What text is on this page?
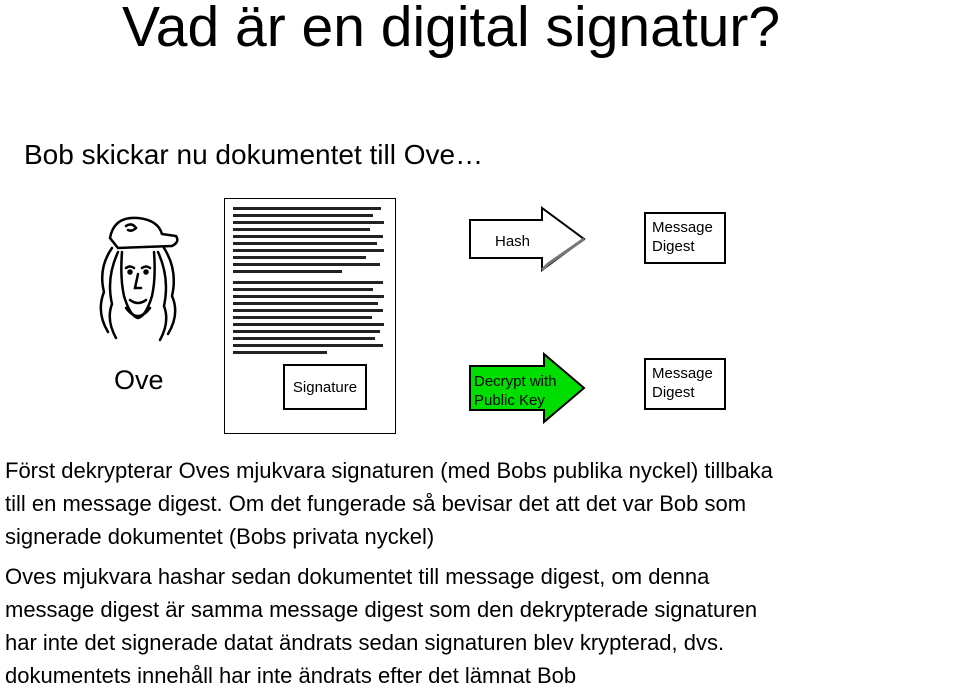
Vad är en digital signatur?
Bob skickar nu dokumentet till Ove…
Ove	Signature
Hash
Decrypt with
Public Key
Message
Digest
Message
Digest
Först dekrypterar Oves mjukvara signaturen (med Bobs publika nyckel) tillbaka
till en message digest. Om det fungerade så bevisar det att det var Bob som
signerade dokumentet (Bobs privata nyckel)
Oves mjukvara hashar sedan dokumentet till message digest, om denna
message digest är samma message digest som den dekrypterade signaturen
har inte det signerade datat ändrats sedan signaturen blev krypterad, dvs.
dokumentets innehåll har inte ändrats efter det lämnat Bob
